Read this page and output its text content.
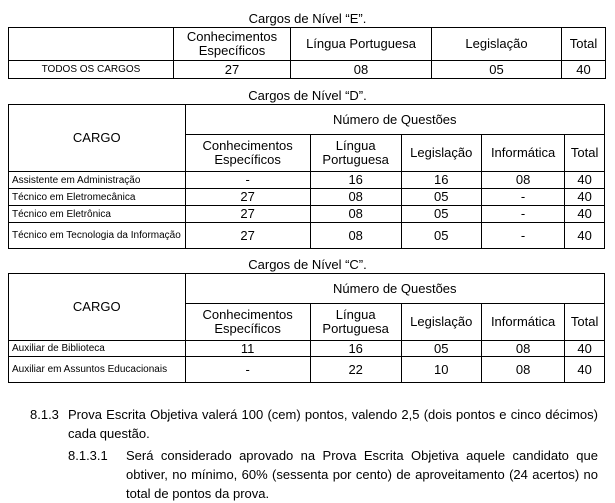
Cargos de Nível “E”.
	Conhecimentos Específicos	Língua Portuguesa	Legislação	Total
TODOS OS CARGOS	27	08	05	40
Cargos de Nível “D”.
CARGO	Número de Questões				
	Conhecimentos Específicos	Língua Portuguesa	Legislação	Informática	Total
Assistente em Administração	-	16	16	08	40
Técnico em Eletromecânica	27	08	05	-	40
Técnico em Eletrônica	27	08	05	-	40
Técnico em Tecnologia da Informação	27	08	05	-	40
Cargos de Nível “C”.
CARGO	Número de Questões				
	Conhecimentos Específicos	Língua Portuguesa	Legislação	Informática	Total
Auxiliar de Biblioteca	11	16	05	08	40
Auxiliar em Assuntos Educacionais	-	22	10	08	40
8.1.3 Prova Escrita Objetiva valerá 100 (cem) pontos, valendo 2,5 (dois pontos e cinco décimos) cada questão.
8.1.3.1 Será considerado aprovado na Prova Escrita Objetiva aquele candidato que obtiver, no mínimo, 60% (sessenta por cento) de aproveitamento (24 acertos) no total de pontos da prova.
